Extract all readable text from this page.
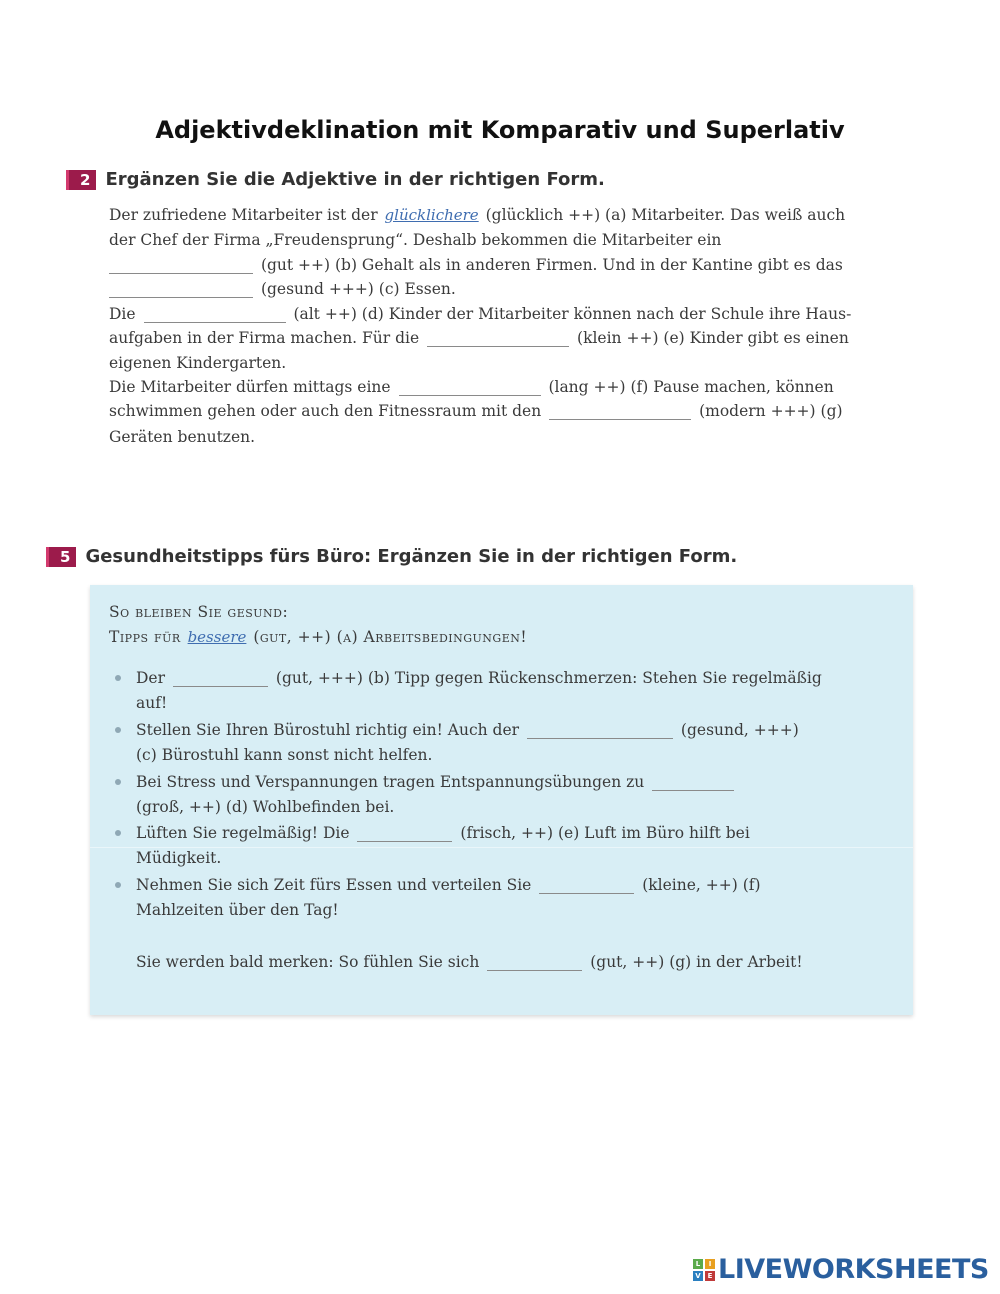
Adjektivdeklination mit Komparativ und Superlativ
2 Ergänzen Sie die Adjektive in der richtigen Form.
Der zufriedene Mitarbeiter ist der glücklichere (glücklich ++) (a) Mitarbeiter. Das weiß auch
der Chef der Firma „Freudensprung“. Deshalb bekommen die Mitarbeiter ein
(gut ++) (b) Gehalt als in anderen Firmen. Und in der Kantine gibt es das
(gesund +++) (c) Essen.
Die	(alt ++) (d) Kinder der Mitarbeiter können nach der Schule ihre Haus-
aufgaben in der Firma machen. Für die	(klein ++) (e) Kinder gibt es einen
eigenen Kindergarten.
Die Mitarbeiter dürfen mittags eine	(lang ++) (f) Pause machen, können
schwimmen gehen oder auch den Fitnessraum mit den	(modern +++) (g)
Geräten benutzen.
5 Gesundheitstipps fürs Büro: Ergänzen Sie in der richtigen Form.
So bleiben Sie gesund:
Tipps für bessere (gut, ++) (a) Arbeitsbedingungen!
Der	(gut, +++) (b) Tipp gegen Rückenschmerzen: Stehen Sie regelmäßig
auf!
Stellen Sie Ihren Bürostuhl richtig ein! Auch der	(gesund, +++)
(c) Bürostuhl kann sonst nicht helfen.
Bei Stress und Verspannungen tragen Entspannungsübungen zu
(groß, ++) (d) Wohlbefinden bei.
Lüften Sie regelmäßig! Die	(frisch, ++) (e) Luft im Büro hilft bei
Müdigkeit.
Nehmen Sie sich Zeit fürs Essen und verteilen Sie	(kleine, ++) (f)
Mahlzeiten über den Tag!
Sie werden bald merken: So fühlen Sie sich	(gut, ++) (g) in der Arbeit!
L	I
V E LIVEWORKSHEETS
